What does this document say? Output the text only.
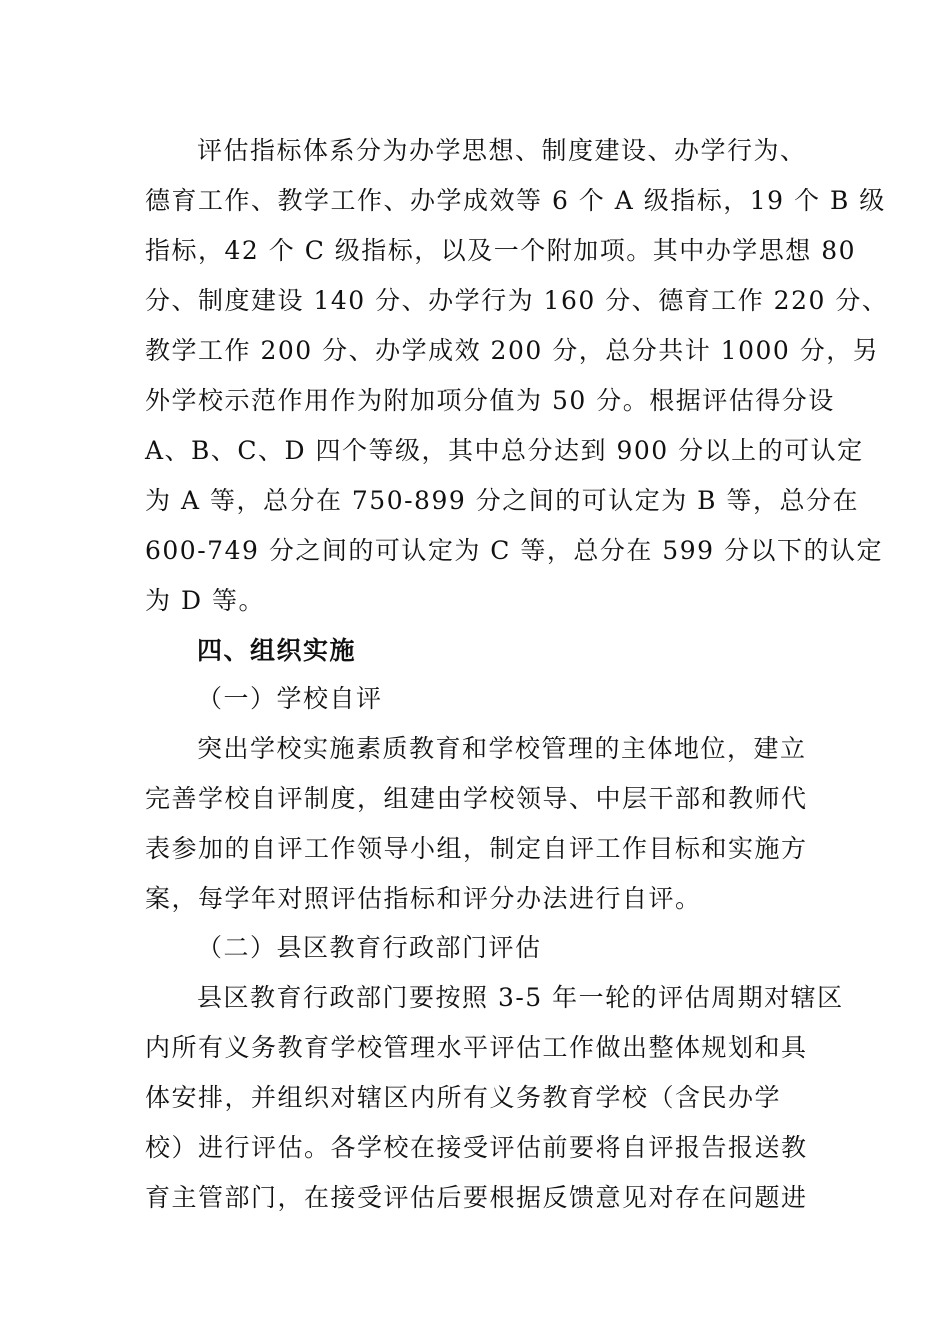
评估指标体系分为办学思想、制度建设、办学行为、
德育工作、教学工作、办学成效等 6 个 A 级指标，19 个 B 级
指标，42 个 C 级指标，以及一个附加项。其中办学思想 80
分、制度建设 140 分、办学行为 160 分、德育工作 220 分、
教学工作 200 分、办学成效 200 分，总分共计 1000 分，另
外学校示范作用作为附加项分值为 50 分。根据评估得分设
A、B、C、D 四个等级，其中总分达到 900 分以上的可认定
为 A 等，总分在 750-899 分之间的可认定为 B 等，总分在
600-749 分之间的可认定为 C 等，总分在 599 分以下的认定
为 D 等。
四、组织实施
（一）学校自评
突出学校实施素质教育和学校管理的主体地位，建立
完善学校自评制度，组建由学校领导、中层干部和教师代
表参加的自评工作领导小组，制定自评工作目标和实施方
案，每学年对照评估指标和评分办法进行自评。
（二）县区教育行政部门评估
县区教育行政部门要按照 3-5 年一轮的评估周期对辖区
内所有义务教育学校管理水平评估工作做出整体规划和具
体安排，并组织对辖区内所有义务教育学校（含民办学
校）进行评估。各学校在接受评估前要将自评报告报送教
育主管部门，在接受评估后要根据反馈意见对存在问题进
